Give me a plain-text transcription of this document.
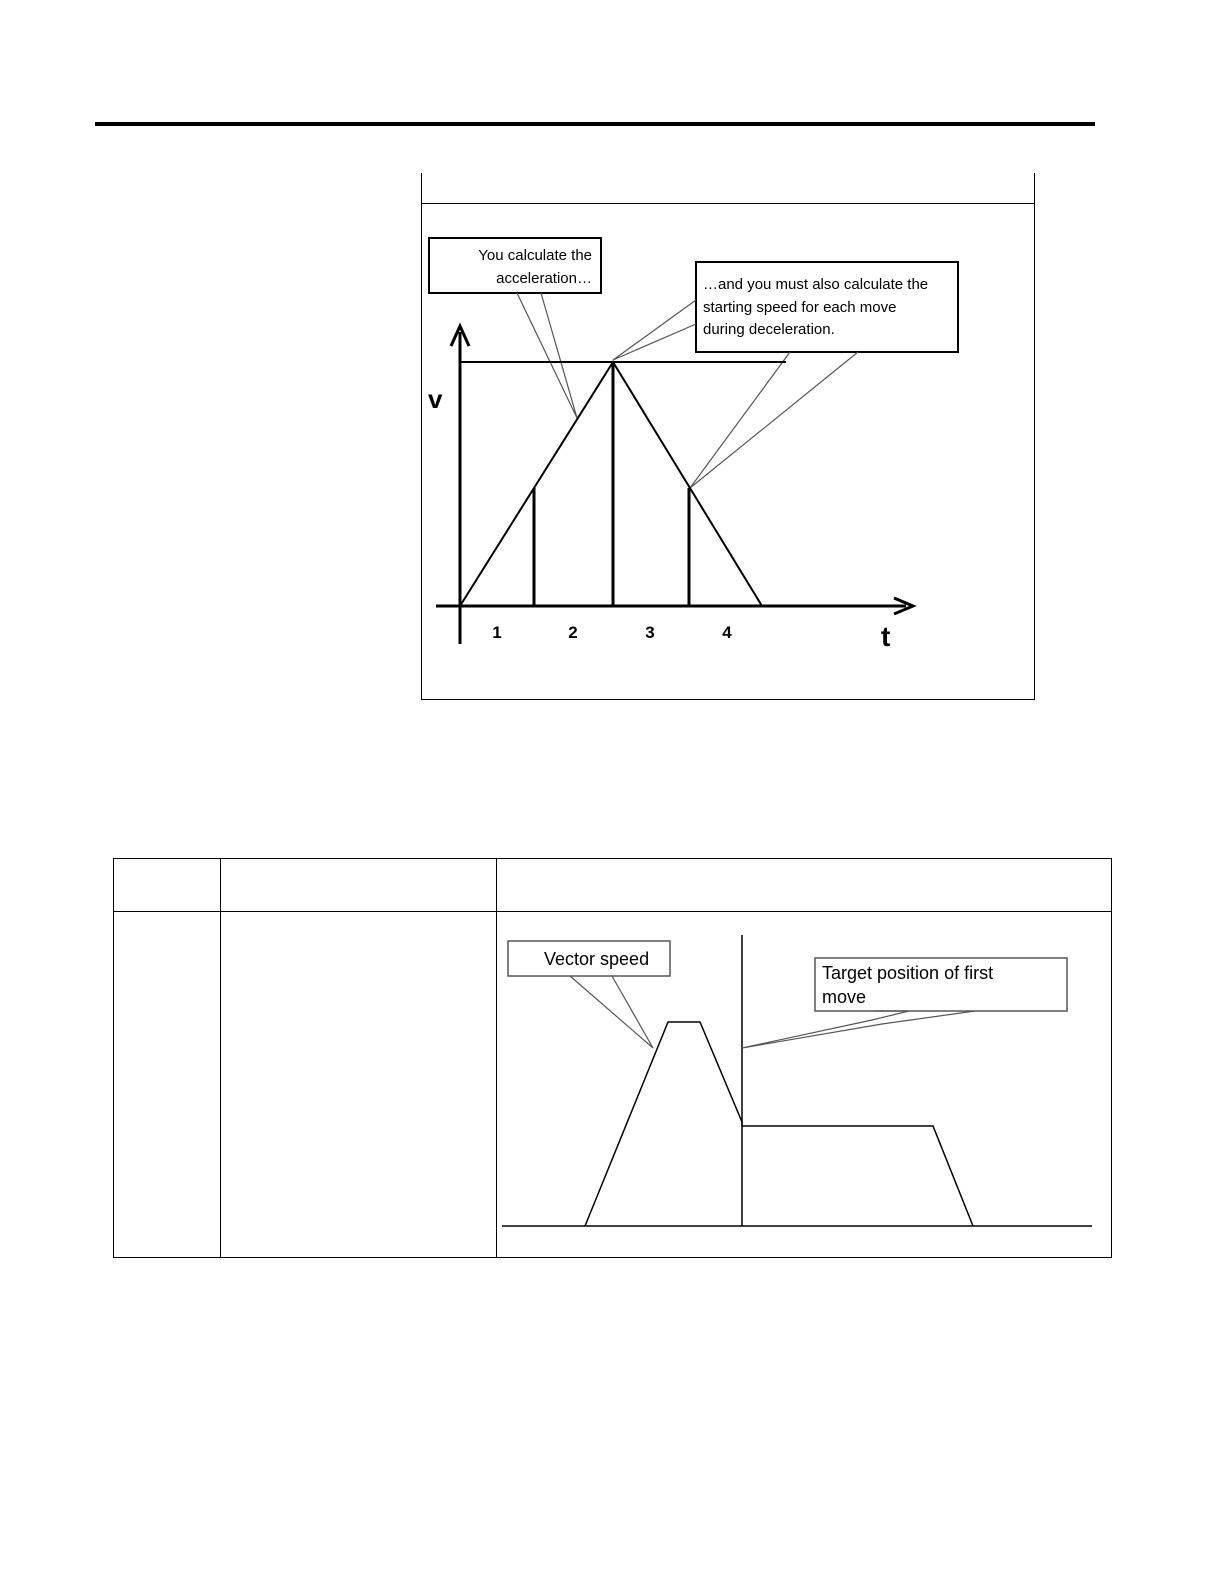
You calculate the
acceleration…	…and you must also calculate the
starting speed for each move
during deceleration.
v
t
1	2	3	4

Vector speed
Target position of first
move
